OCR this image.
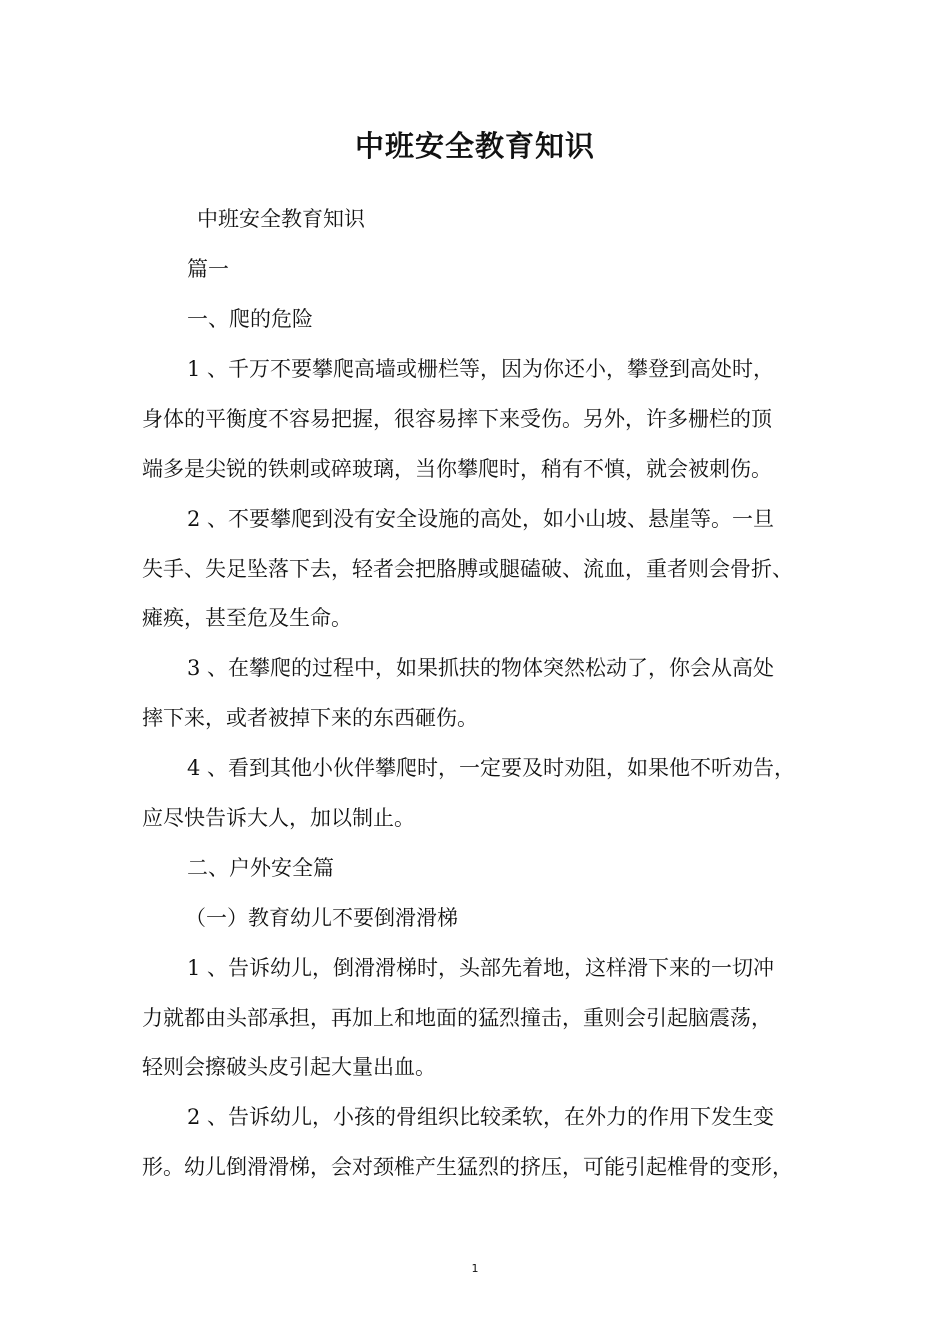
中班安全教育知识

中班安全教育知识

篇一

一、爬的危险

1 、千万不要攀爬高墙或栅栏等，因为你还小，攀登到高处时，

身体的平衡度不容易把握，很容易摔下来受伤。另外，许多栅栏的顶

端多是尖锐的铁刺或碎玻璃，当你攀爬时，稍有不慎，就会被刺伤。

2 、不要攀爬到没有安全设施的高处，如小山坡、悬崖等。一旦

失手、失足坠落下去，轻者会把胳膊或腿磕破、流血，重者则会骨折、

瘫痪，甚至危及生命。

3 、在攀爬的过程中，如果抓扶的物体突然松动了，你会从高处

摔下来，或者被掉下来的东西砸伤。

4 、看到其他小伙伴攀爬时，一定要及时劝阻，如果他不听劝告，

应尽快告诉大人，加以制止。

二、户外安全篇

（一）教育幼儿不要倒滑滑梯

1 、告诉幼儿，倒滑滑梯时，头部先着地，这样滑下来的一切冲

力就都由头部承担，再加上和地面的猛烈撞击，重则会引起脑震荡，

轻则会擦破头皮引起大量出血。

2 、告诉幼儿，小孩的骨组织比较柔软，在外力的作用下发生变

形。幼儿倒滑滑梯，会对颈椎产生猛烈的挤压，可能引起椎骨的变形，

1
